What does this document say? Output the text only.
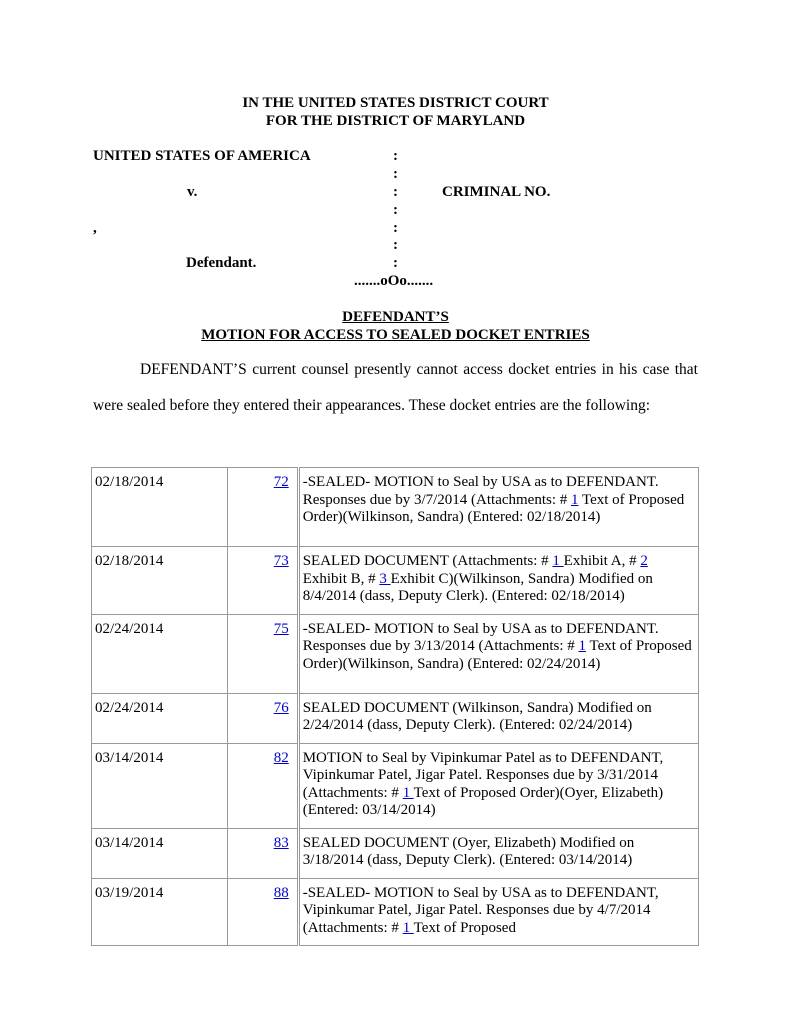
IN THE UNITED STATES DISTRICT COURT
FOR THE DISTRICT OF MARYLAND
UNITED STATES OF AMERICA
v.	CRIMINAL NO.
,
Defendant.
:
:
:
:
:
:
:
.......oOo.......
DEFENDANT’S
MOTION FOR ACCESS TO SEALED DOCKET ENTRIES
DEFENDANT’S current counsel presently cannot access docket entries in his case that were sealed before they entered their appearances. These docket entries are the following:
02/18/2014	72	-SEALED- MOTION to Seal by USA as to DEFENDANT. Responses due by 3/7/2014 (Attachments: # 1 Text of Proposed Order)(Wilkinson, Sandra) (Entered: 02/18/2014)
02/18/2014	73	SEALED DOCUMENT (Attachments: # 1 Exhibit A, # 2 Exhibit B, # 3 Exhibit C)(Wilkinson, Sandra) Modified on 8/4/2014 (dass, Deputy Clerk). (Entered: 02/18/2014)
02/24/2014	75	-SEALED- MOTION to Seal by USA as to DEFENDANT. Responses due by 3/13/2014 (Attachments: # 1 Text of Proposed Order)(Wilkinson, Sandra) (Entered: 02/24/2014)
02/24/2014	76	SEALED DOCUMENT (Wilkinson, Sandra) Modified on 2/24/2014 (dass, Deputy Clerk). (Entered: 02/24/2014)
03/14/2014	82	MOTION to Seal by Vipinkumar Patel as to DEFENDANT, Vipinkumar Patel, Jigar Patel. Responses due by 3/31/2014 (Attachments: # 1 Text of Proposed Order)(Oyer, Elizabeth) (Entered: 03/14/2014)
03/14/2014	83	SEALED DOCUMENT (Oyer, Elizabeth) Modified on 3/18/2014 (dass, Deputy Clerk). (Entered: 03/14/2014)
03/19/2014	88	-SEALED- MOTION to Seal by USA as to DEFENDANT, Vipinkumar Patel, Jigar Patel. Responses due by 4/7/2014 (Attachments: # 1 Text of Proposed
